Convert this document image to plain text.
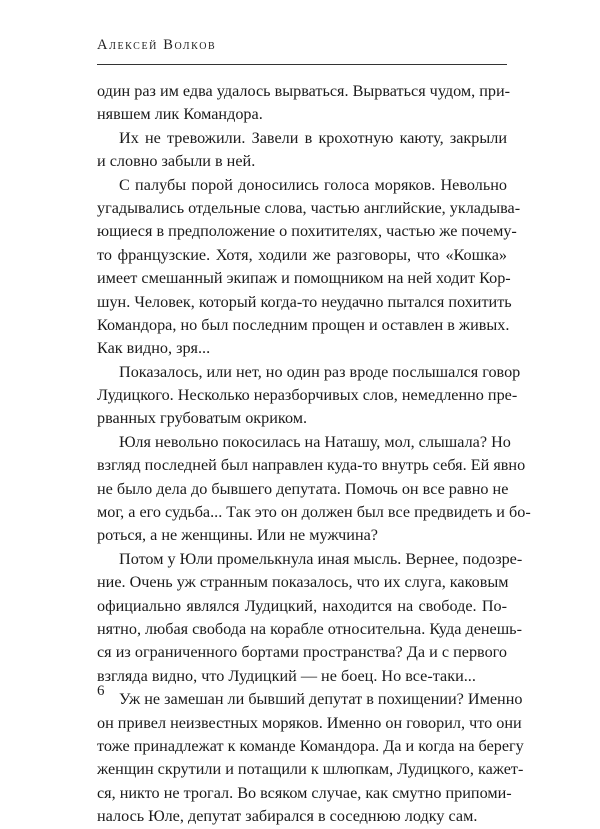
Алексей Волков
один раз им едва удалось вырваться. Вырваться чудом, при-
нявшем лик Командора.
Их не тревожили. Завели в крохотную каюту, закрыли
и словно забыли в ней.
С палубы порой доносились голоса моряков. Невольно
угадывались отдельные слова, частью английские, укладыва-
ющиеся в предположение о похитителях, частью же почему-
то французские. Хотя, ходили же разговоры, что «Кошка»
имеет смешанный экипаж и помощником на ней ходит Кор-
шун. Человек, который когда-то неудачно пытался похитить
Командора, но был последним прощен и оставлен в живых.
Как видно, зря...
Показалось, или нет, но один раз вроде послышался говор
Лудицкого. Несколько неразборчивых слов, немедленно пре-
рванных грубоватым окриком.
Юля невольно покосилась на Наташу, мол, слышала? Но
взгляд последней был направлен куда-то внутрь себя. Ей явно
не было дела до бывшего депутата. Помочь он все равно не
мог, а его судьба... Так это он должен был все предвидеть и бо-
роться, а не женщины. Или не мужчина?
Потом у Юли промелькнула иная мысль. Вернее, подозре-
ние. Очень уж странным показалось, что их слуга, каковым
официально являлся Лудицкий, находится на свободе. По-
нятно, любая свобода на корабле относительна. Куда денешь-
ся из ограниченного бортами пространства? Да и с первого
взгляда видно, что Лудицкий — не боец. Но все-таки...
Уж не замешан ли бывший депутат в похищении? Именно
он привел неизвестных моряков. Именно он говорил, что они
тоже принадлежат к команде Командора. Да и когда на берегу
женщин скрутили и потащили к шлюпкам, Лудицкого, кажет-
ся, никто не трогал. Во всяком случае, как смутно припоми-
налось Юле, депутат забирался в соседнюю лодку сам.
6
